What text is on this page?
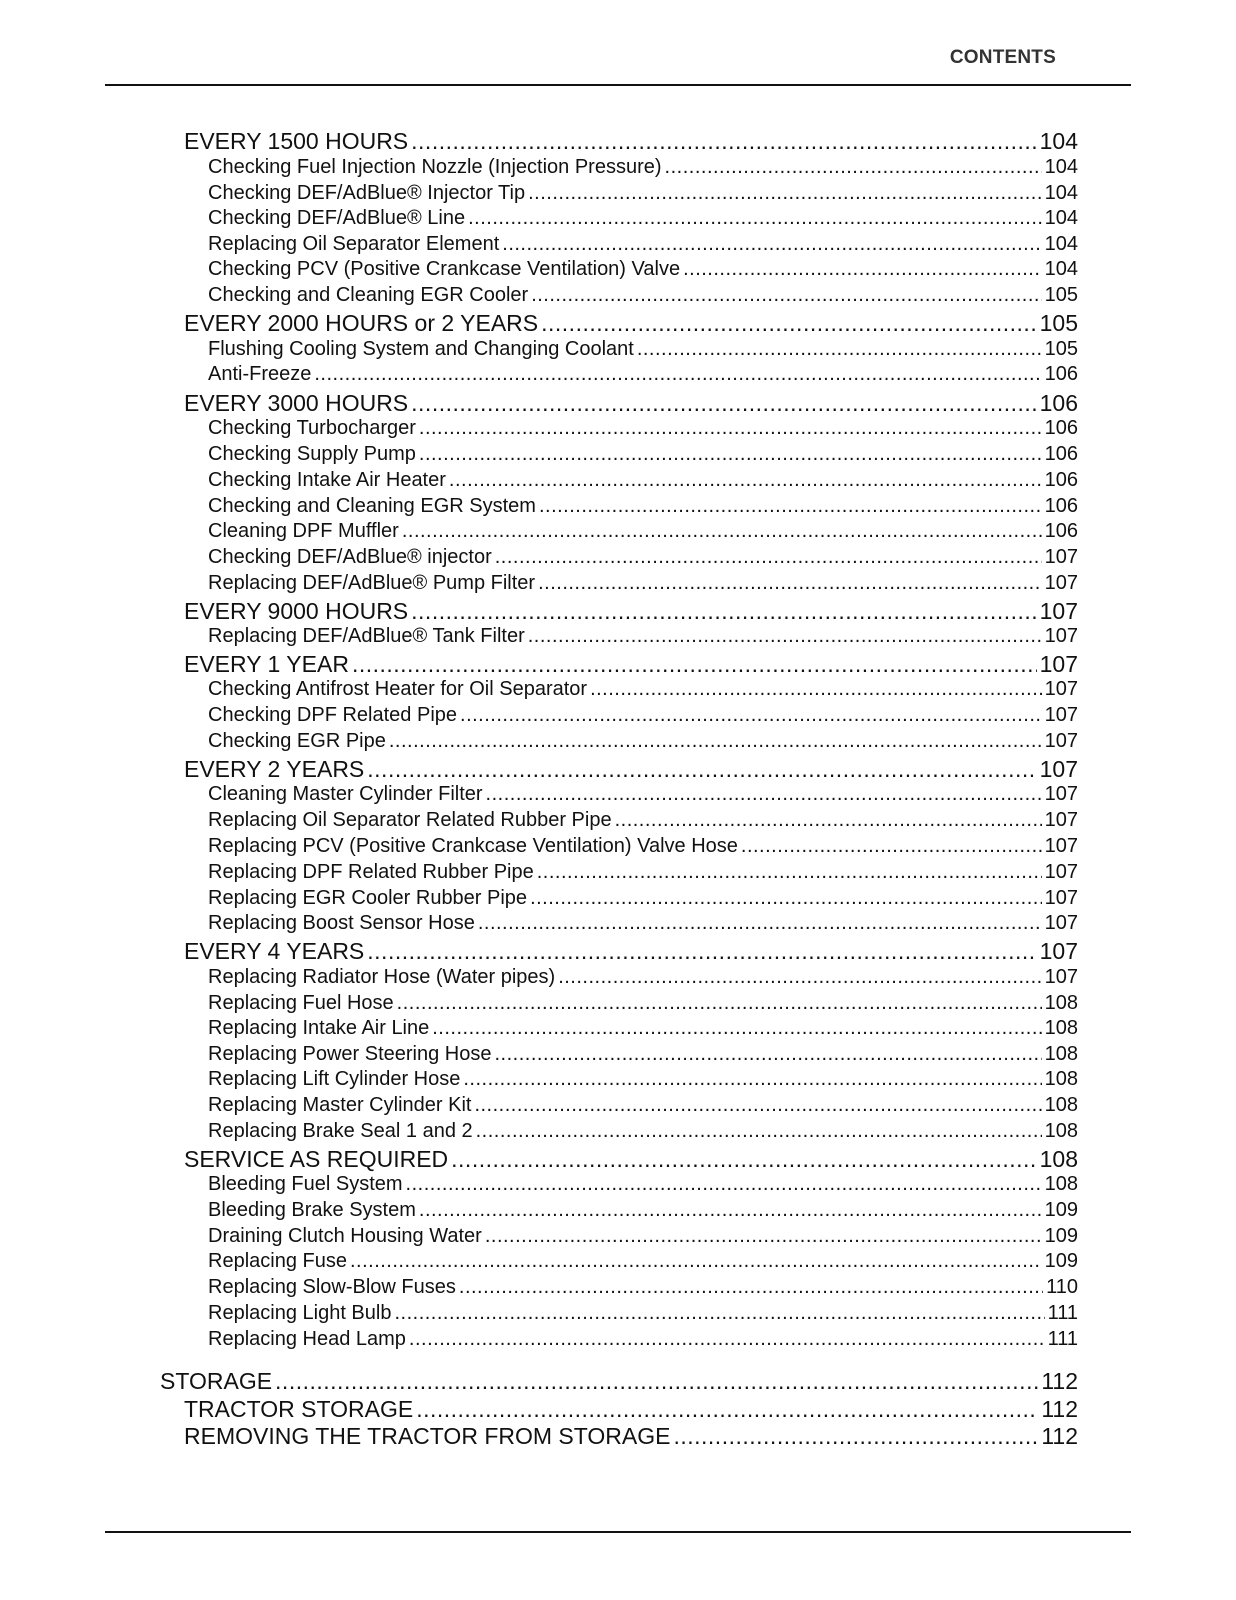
CONTENTS
EVERY 1500 HOURS .....	104
Checking Fuel Injection Nozzle (Injection Pressure) .....	104
Checking DEF/AdBlue® Injector Tip .....	104
Checking DEF/AdBlue® Line .....	104
Replacing Oil Separator Element .....	104
Checking PCV (Positive Crankcase Ventilation) Valve .....	104
Checking and Cleaning EGR Cooler .....	105
EVERY 2000 HOURS or 2 YEARS .....	105
Flushing Cooling System and Changing Coolant .....	105
Anti-Freeze .....	106
EVERY 3000 HOURS .....	106
Checking Turbocharger .....	106
Checking Supply Pump .....	106
Checking Intake Air Heater .....	106
Checking and Cleaning EGR System .....	106
Cleaning DPF Muffler .....	106
Checking DEF/AdBlue® injector .....	107
Replacing DEF/AdBlue® Pump Filter .....	107
EVERY 9000 HOURS .....	107
Replacing DEF/AdBlue® Tank Filter .....	107
EVERY 1 YEAR .....	107
Checking Antifrost Heater for Oil Separator .....	107
Checking DPF Related Pipe .....	107
Checking EGR Pipe .....	107
EVERY 2 YEARS .....	107
Cleaning Master Cylinder Filter .....	107
Replacing Oil Separator Related Rubber Pipe .....	107
Replacing PCV (Positive Crankcase Ventilation) Valve Hose .....	107
Replacing DPF Related Rubber Pipe .....	107
Replacing EGR Cooler Rubber Pipe .....	107
Replacing Boost Sensor Hose .....	107
EVERY 4 YEARS .....	107
Replacing Radiator Hose (Water pipes) .....	107
Replacing Fuel Hose .....	108
Replacing Intake Air Line .....	108
Replacing Power Steering Hose .....	108
Replacing Lift Cylinder Hose .....	108
Replacing Master Cylinder Kit .....	108
Replacing Brake Seal 1 and 2 .....	108
SERVICE AS REQUIRED .....	108
Bleeding Fuel System .....	108
Bleeding Brake System .....	109
Draining Clutch Housing Water .....	109
Replacing Fuse .....	109
Replacing Slow-Blow Fuses .....	110
Replacing Light Bulb .....	111
Replacing Head Lamp .....	111
STORAGE .....	112
TRACTOR STORAGE .....	112
REMOVING THE TRACTOR FROM STORAGE .....	112
